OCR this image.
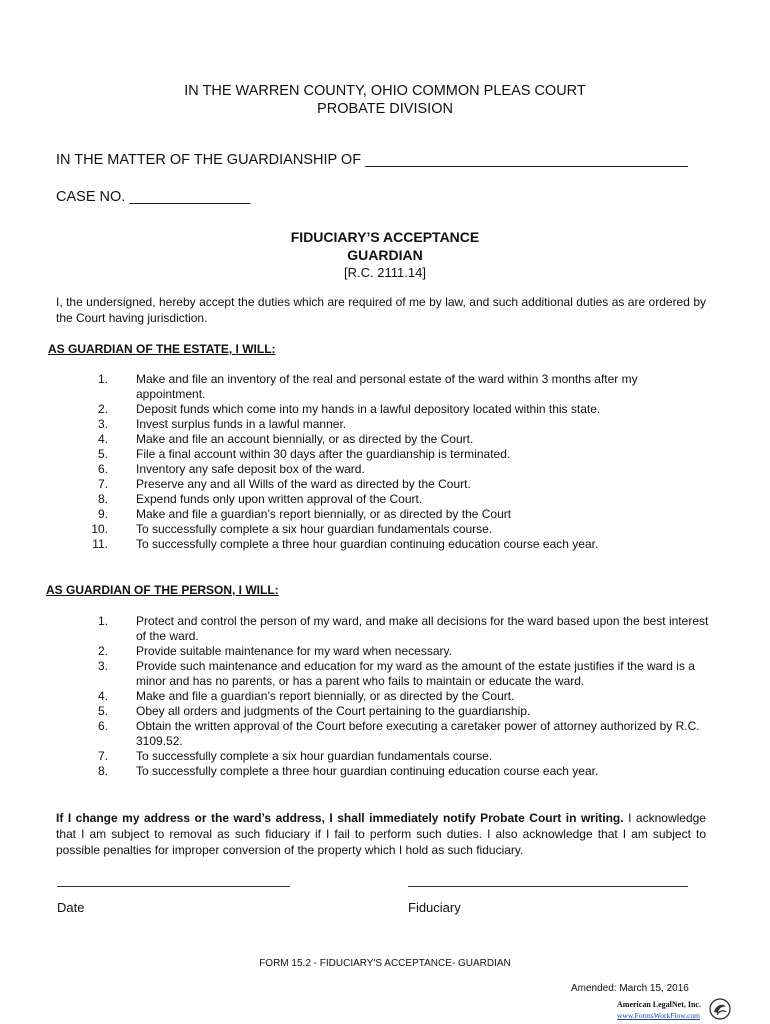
IN THE WARREN COUNTY, OHIO COMMON PLEAS COURT
PROBATE DIVISION
IN THE MATTER OF THE GUARDIANSHIP OF ________________________________________
CASE NO. _______________
FIDUCIARY’S ACCEPTANCE
GUARDIAN
[R.C. 2111.14]
I, the undersigned, hereby accept the duties which are required of me by law, and such additional duties as are ordered by the Court having jurisdiction.
AS GUARDIAN OF THE ESTATE, I WILL:
1. Make and file an inventory of the real and personal estate of the ward within 3 months after my appointment.
2. Deposit funds which come into my hands in a lawful depository located within this state.
3. Invest surplus funds in a lawful manner.
4. Make and file an account biennially, or as directed by the Court.
5. File a final account within 30 days after the guardianship is terminated.
6. Inventory any safe deposit box of the ward.
7. Preserve any and all Wills of the ward as directed by the Court.
8. Expend funds only upon written approval of the Court.
9. Make and file a guardian’s report biennially, or as directed by the Court
10. To successfully complete a six hour guardian fundamentals course.
11. To successfully complete a three hour guardian continuing education course each year.
AS GUARDIAN OF THE PERSON, I WILL:
1. Protect and control the person of my ward, and make all decisions for the ward based upon the best interest of the ward.
2. Provide suitable maintenance for my ward when necessary.
3. Provide such maintenance and education for my ward as the amount of the estate justifies if the ward is a minor and has no parents, or has a parent who fails to maintain or educate the ward.
4. Make and file a guardian’s report biennially, or as directed by the Court.
5. Obey all orders and judgments of the Court pertaining to the guardianship.
6. Obtain the written approval of the Court before executing a caretaker power of attorney authorized by R.C. 3109.52.
7. To successfully complete a six hour guardian fundamentals course.
8. To successfully complete a three hour guardian continuing education course each year.
If I change my address or the ward’s address, I shall immediately notify Probate Court in writing. I acknowledge that I am subject to removal as such fiduciary if I fail to perform such duties. I also acknowledge that I am subject to possible penalties for improper conversion of the property which I hold as such fiduciary.
Date	Fiduciary
FORM 15.2 - FIDUCIARY'S ACCEPTANCE- GUARDIAN
Amended: March 15, 2016
American LegalNet, Inc.
www.FormsWorkFlow.com
